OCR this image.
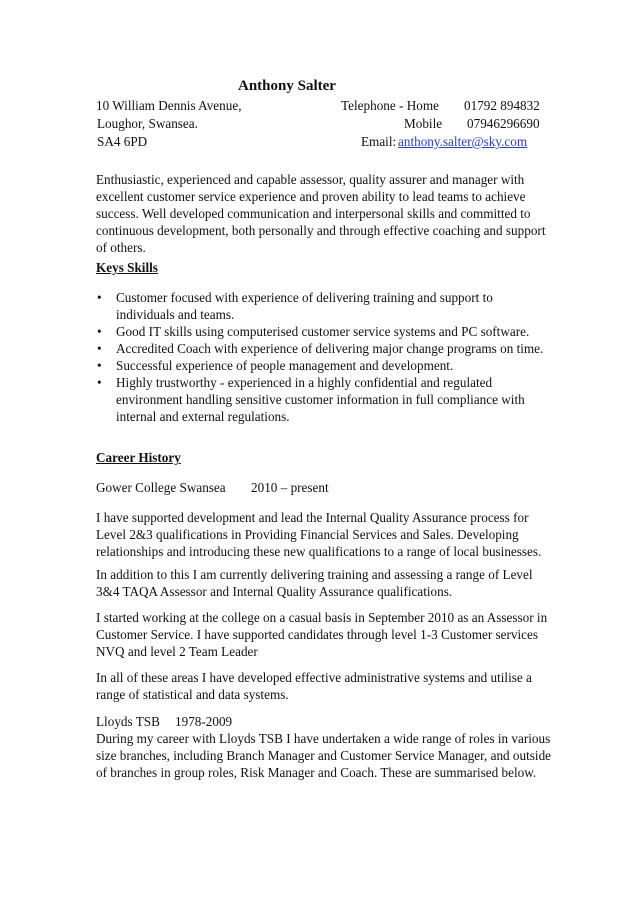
Anthony Salter
10 William Dennis Avenue,
Loughor, Swansea.
SA4 6PD
Telephone - Home 01792 894832
Mobile 07946296690
Email: anthony.salter@sky.com
Enthusiastic, experienced and capable assessor, quality assurer and manager with
excellent customer service experience and proven ability to lead teams to achieve
success. Well developed communication and interpersonal skills and committed to
continuous development, both personally and through effective coaching and support
of others.
Keys Skills
• Customer focused with experience of delivering training and support to
individuals and teams.
• Good IT skills using computerised customer service systems and PC software.
• Accredited Coach with experience of delivering major change programs on time.
• Successful experience of people management and development.
• Highly trustworthy - experienced in a highly confidential and regulated
environment handling sensitive customer information in full compliance with
internal and external regulations.
Career History
Gower College Swansea 2010 – present
I have supported development and lead the Internal Quality Assurance process for
Level 2&3 qualifications in Providing Financial Services and Sales. Developing
relationships and introducing these new qualifications to a range of local businesses.
In addition to this I am currently delivering training and assessing a range of Level
3&4 TAQA Assessor and Internal Quality Assurance qualifications.
I started working at the college on a casual basis in September 2010 as an Assessor in
Customer Service. I have supported candidates through level 1-3 Customer services
NVQ and level 2 Team Leader
In all of these areas I have developed effective administrative systems and utilise a
range of statistical and data systems.
Lloyds TSB 1978-2009
During my career with Lloyds TSB I have undertaken a wide range of roles in various
size branches, including Branch Manager and Customer Service Manager, and outside
of branches in group roles, Risk Manager and Coach. These are summarised below.
